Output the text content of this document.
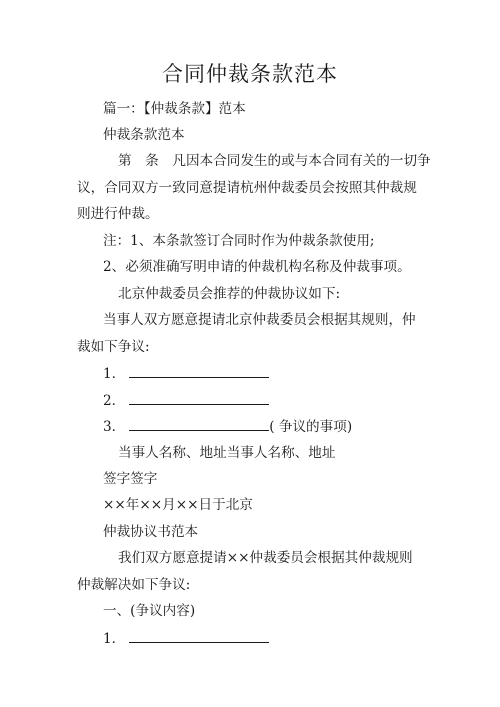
合同仲裁条款范本
篇一：【仲裁条款】范本
仲裁条款范本
第　条　凡因本合同发生的或与本合同有关的一切争
议，合同双方一致同意提请杭州仲裁委员会按照其仲裁规
则进行仲裁。
注：1、本条款签订合同时作为仲裁条款使用;
2、必须准确写明申请的仲裁机构名称及仲裁事项。
北京仲裁委员会推荐的仲裁协议如下:
当事人双方愿意提请北京仲裁委员会根据其规则，仲
裁如下争议:
1．
2．
3．	( 争议的事项)
当事人名称、地址当事人名称、地址
签字签字
××年××月××日于北京
仲裁协议书范本
我们双方愿意提请××仲裁委员会根据其仲裁规则
仲裁解决如下争议:
一、(争议内容)
1．
